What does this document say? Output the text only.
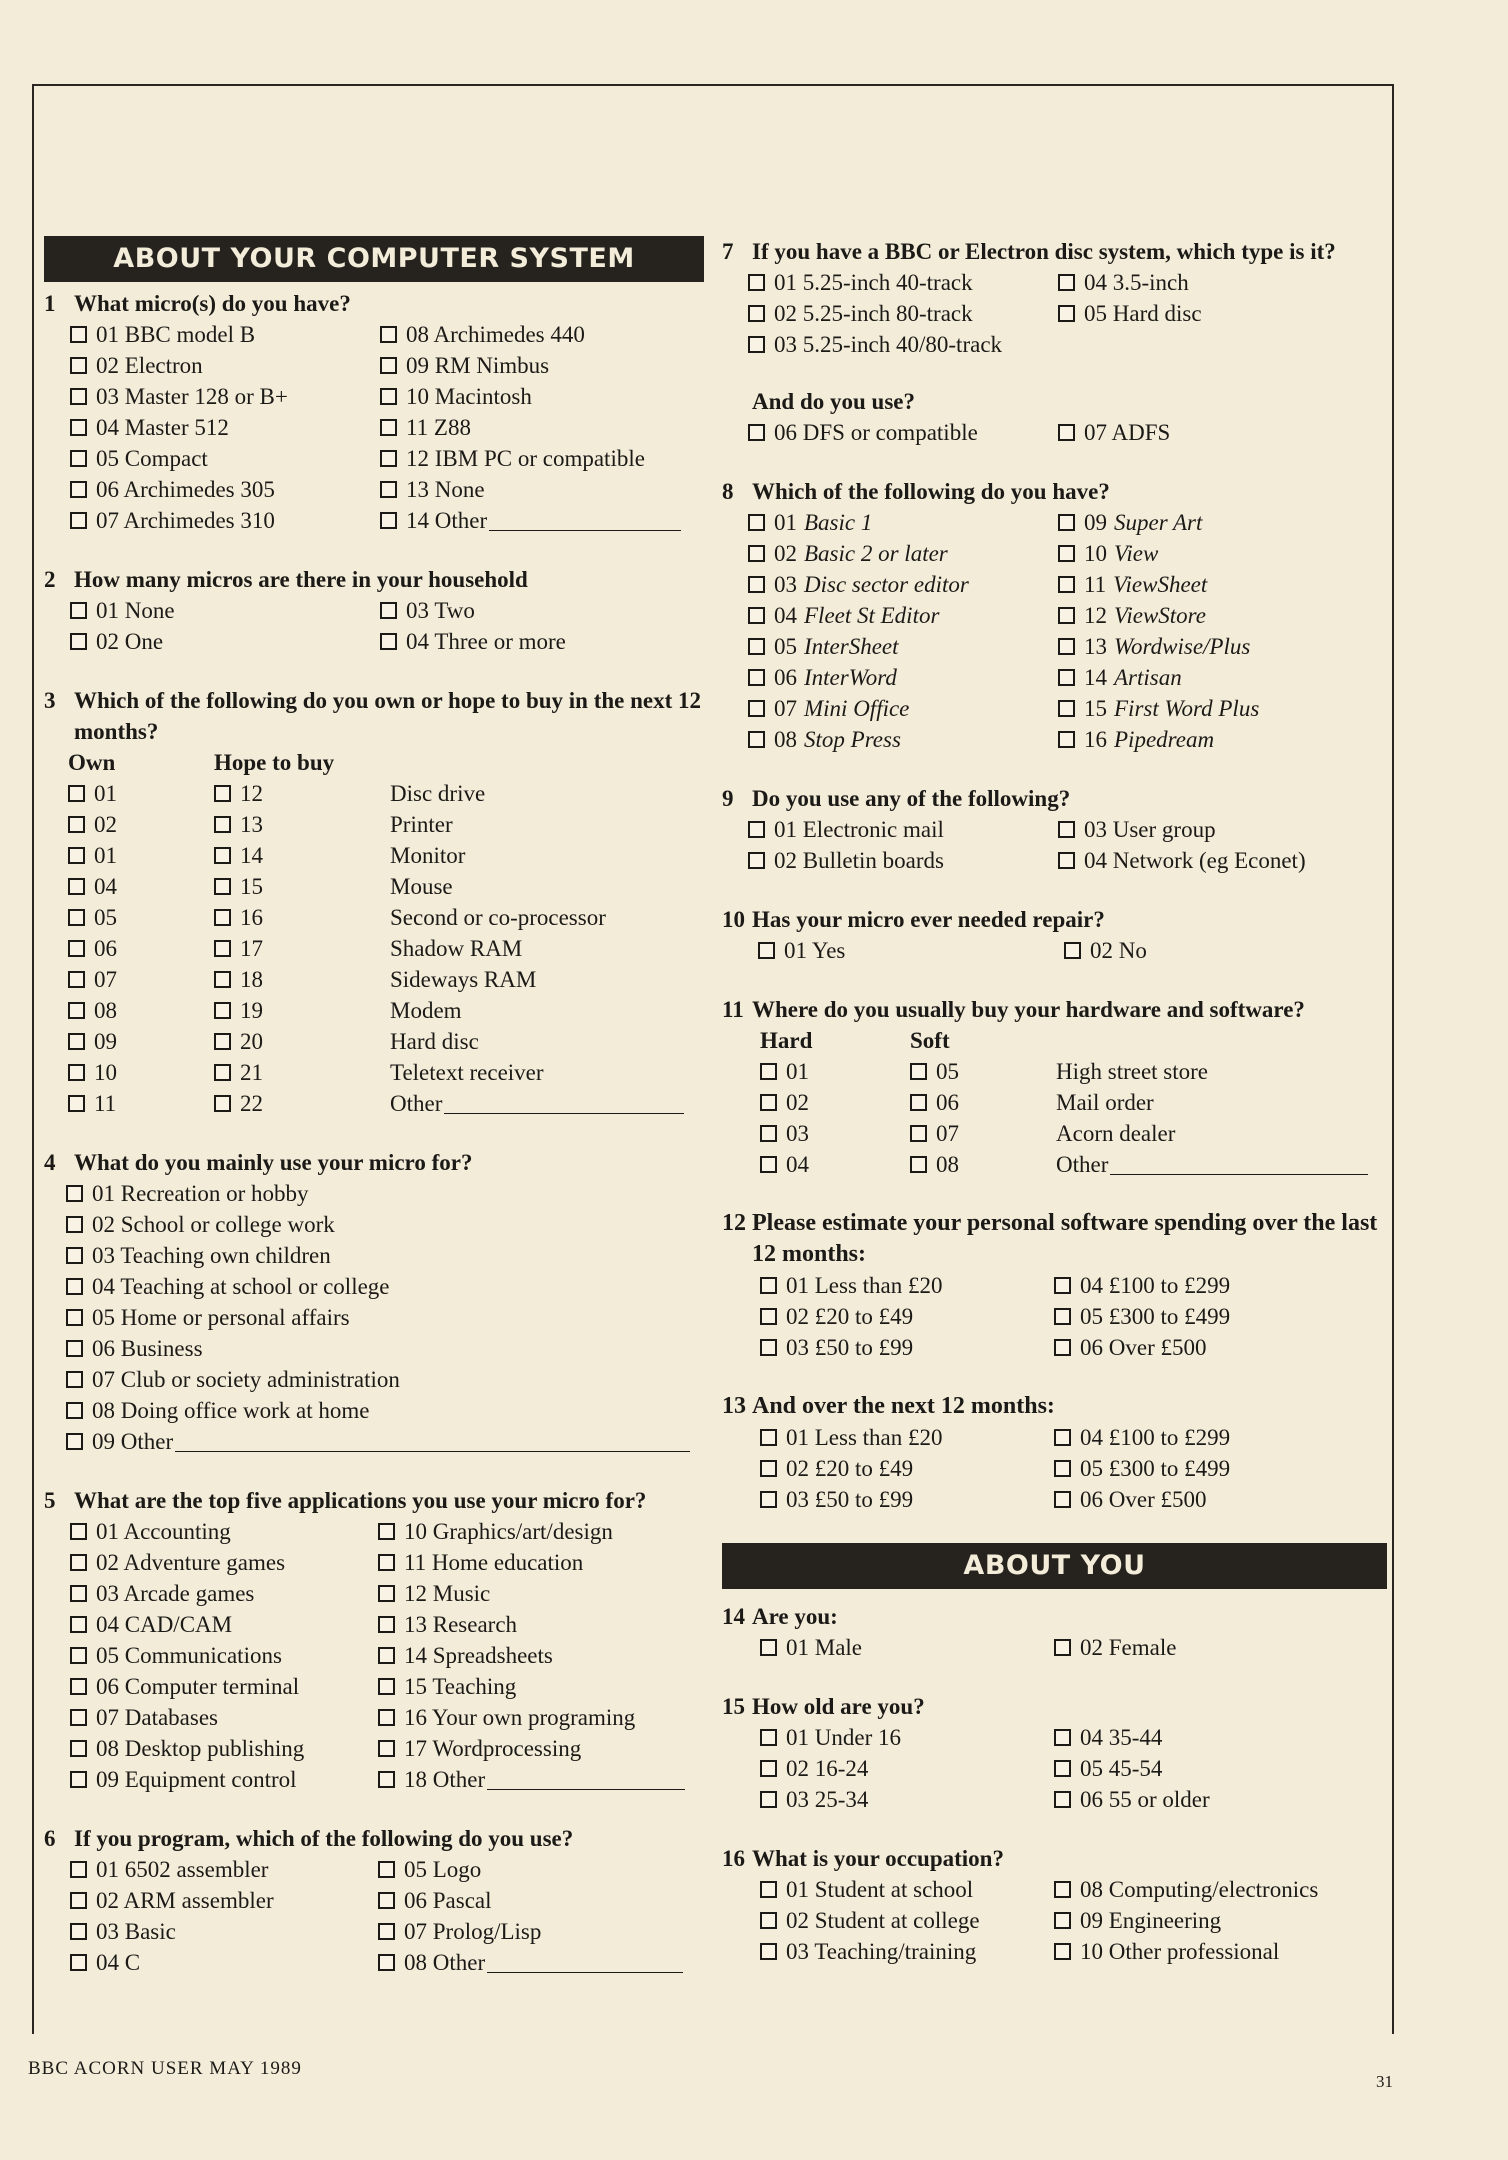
ABOUT YOUR COMPUTER SYSTEM
1 What micro(s) do you have?
01 BBC model B	08 Archimedes 440
02 Electron	09 RM Nimbus
03 Master 128 or B+	10 Macintosh
04 Master 512	11 Z88
05 Compact	12 IBM PC or compatible
06 Archimedes 305	13 None
07 Archimedes 310	14 Other
2 How many micros are there in your household
01 None	03 Two
02 One	04 Three or more
3 Which of the following do you own or hope to buy in the next 12 months?
Own	Hope to buy
01	12	Disc drive
02	13	Printer
01	14	Monitor
04	15	Mouse
05	16	Second or co-processor
06	17	Shadow RAM
07	18	Sideways RAM
08	19	Modem
09	20	Hard disc
10	21	Teletext receiver
11	22	Other
4 What do you mainly use your micro for?
01 Recreation or hobby
02 School or college work
03 Teaching own children
04 Teaching at school or college
05 Home or personal affairs
06 Business
07 Club or society administration
08 Doing office work at home
09 Other
5 What are the top five applications you use your micro for?
01 Accounting	10 Graphics/art/design
02 Adventure games	11 Home education
03 Arcade games	12 Music
04 CAD/CAM	13 Research
05 Communications	14 Spreadsheets
06 Computer terminal	15 Teaching
07 Databases	16 Your own programing
08 Desktop publishing	17 Wordprocessing
09 Equipment control	18 Other
6 If you program, which of the following do you use?
01 6502 assembler	05 Logo
02 ARM assembler	06 Pascal
03 Basic	07 Prolog/Lisp
04 C	08 Other
7 If you have a BBC or Electron disc system, which type is it?
01 5.25-inch 40-track	04 3.5-inch
02 5.25-inch 80-track	05 Hard disc
03 5.25-inch 40/80-track
And do you use?
06 DFS or compatible	07 ADFS
8 Which of the following do you have?
01 Basic 1	09 Super Art
02 Basic 2 or later	10 View
03 Disc sector editor	11 ViewSheet
04 Fleet St Editor	12 ViewStore
05 InterSheet	13 Wordwise/Plus
06 InterWord	14 Artisan
07 Mini Office	15 First Word Plus
08 Stop Press	16 Pipedream
9 Do you use any of the following?
01 Electronic mail	03 User group
02 Bulletin boards	04 Network (eg Econet)
10 Has your micro ever needed repair?
01 Yes	02 No
11 Where do you usually buy your hardware and software?
Hard	Soft
01	05	High street store
02	06	Mail order
03	07	Acorn dealer
04	08	Other
12 Please estimate your personal software spending over the last 12 months:
01 Less than £20	04 £100 to £299
02 £20 to £49	05 £300 to £499
03 £50 to £99	06 Over £500
13 And over the next 12 months:
01 Less than £20	04 £100 to £299
02 £20 to £49	05 £300 to £499
03 £50 to £99	06 Over £500
ABOUT YOU
14 Are you:
01 Male	02 Female
15 How old are you?
01 Under 16	04 35-44
02 16-24	05 45-54
03 25-34	06 55 or older
16 What is your occupation?
01 Student at school	08 Computing/electronics
02 Student at college	09 Engineering
03 Teaching/training	10 Other professional
BBC ACORN USER MAY 1989
31
